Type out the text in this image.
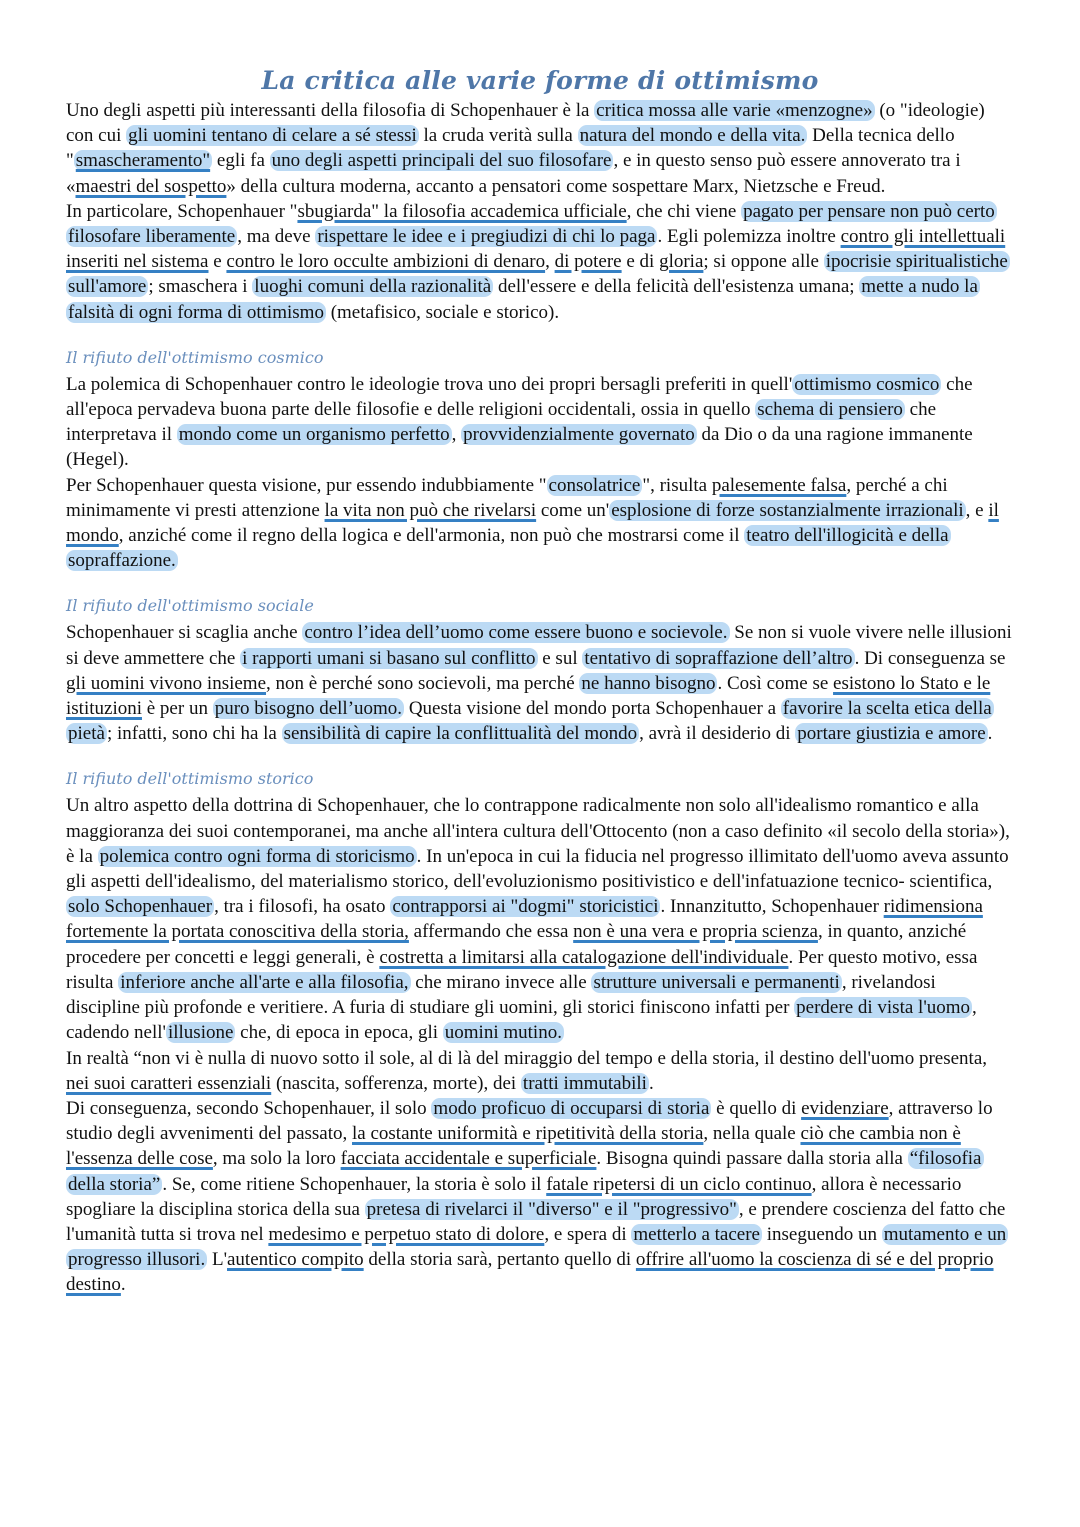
La critica alle varie forme di ottimismo

Uno degli aspetti più interessanti della filosofia di Schopenhauer è la critica mossa alle varie «menzogne» (o "ideologie) con cui gli uomini tentano di celare a sé stessi la cruda verità sulla natura del mondo e della vita. Della tecnica dello " smascheramento" egli fa uno degli aspetti principali del suo filosofare , e in questo senso può essere annoverato tra i «maestri del sospetto» della cultura moderna, accanto a pensatori come sospettare Marx, Nietzsche e Freud.

In particolare, Schopenhauer "sbugiarda" la filosofia accademica ufficiale, che chi viene pagato per pensare non può certo filosofare liberamente , ma deve rispettare le idee e i pregiudizi di chi lo paga . Egli polemizza inoltre contro gli intellettuali inseriti nel sistema e contro le loro occulte ambizioni di denaro, di potere e di gloria; si oppone alle ipocrisie spiritualistiche sull'amore ; smaschera i luoghi comuni della razionalità dell'essere e della felicità dell'esistenza umana; mette a nudo la falsità di ogni forma di ottimismo (metafisico, sociale e storico).

Il rifiuto dell'ottimismo cosmico

La polemica di Schopenhauer contro le ideologie trova uno dei propri bersagli preferiti in quell' ottimismo cosmico che all'epoca pervadeva buona parte delle filosofie e delle religioni occidentali, ossia in quello schema di pensiero che interpretava il mondo come un organismo perfetto , provvidenzialmente governato da Dio o da una ragione immanente (Hegel).

Per Schopenhauer questa visione, pur essendo indubbiamente " consolatrice ", risulta palesemente falsa, perché a chi minimamente vi presti attenzione la vita non può che rivelarsi come un' esplosione di forze sostanzialmente irrazionali , e il mondo, anziché come il regno della logica e dell'armonia, non può che mostrarsi come il teatro dell'illogicità e della sopraffazione.

Il rifiuto dell'ottimismo sociale

Schopenhauer si scaglia anche contro l’idea dell’uomo come essere buono e socievole. Se non si vuole vivere nelle illusioni si deve ammettere che i rapporti umani si basano sul conflitto e sul tentativo di sopraffazione dell’altro . Di conseguenza se gli uomini vivono insieme, non è perché sono socievoli, ma perché ne hanno bisogno . Così come se esistono lo Stato e le istituzioni è per un puro bisogno dell’uomo. Questa visione del mondo porta Schopenhauer a favorire la scelta etica della pietà ; infatti, sono chi ha la sensibilità di capire la conflittualità del mondo , avrà il desiderio di portare giustizia e amore .

Il rifiuto dell'ottimismo storico

Un altro aspetto della dottrina di Schopenhauer, che lo contrappone radicalmente non solo all'idealismo romantico e alla maggioranza dei suoi contemporanei, ma anche all'intera cultura dell'Ottocento (non a caso definito «il secolo della storia»), è la polemica contro ogni forma di storicismo . In un'epoca in cui la fiducia nel progresso illimitato dell'uomo aveva assunto gli aspetti dell'idealismo, del materialismo storico, dell'evoluzionismo positivistico e dell'infatuazione tecnico- scientifica, solo Schopenhauer , tra i filosofi, ha osato contrapporsi ai "dogmi" storicistici . Innanzitutto, Schopenhauer ridimensiona fortemente la portata conoscitiva della storia, affermando che essa non è una vera e propria scienza, in quanto, anziché procedere per concetti e leggi generali, è costretta a limitarsi alla catalogazione dell'individuale. Per questo motivo, essa risulta inferiore anche all'arte e alla filosofia, che mirano invece alle strutture universali e permanenti , rivelandosi discipline più profonde e veritiere. A furia di studiare gli uomini, gli storici finiscono infatti per perdere di vista l'uomo , cadendo nell' illusione che, di epoca in epoca, gli uomini mutino.

In realtà “non vi è nulla di nuovo sotto il sole, al di là del miraggio del tempo e della storia, il destino dell'uomo presenta, nei suoi caratteri essenziali (nascita, sofferenza, morte), dei tratti immutabili .

Di conseguenza, secondo Schopenhauer, il solo modo proficuo di occuparsi di storia è quello di evidenziare, attraverso lo studio degli avvenimenti del passato, la costante uniformità e ripetitività della storia, nella quale ciò che cambia non è l'essenza delle cose, ma solo la loro facciata accidentale e superficiale. Bisogna quindi passare dalla storia alla “filosofia della storia” . Se, come ritiene Schopenhauer, la storia è solo il fatale ripetersi di un ciclo continuo, allora è necessario spogliare la disciplina storica della sua pretesa di rivelarci il "diverso" e il "progressivo" , e prendere coscienza del fatto che l'umanità tutta si trova nel medesimo e perpetuo stato di dolore, e spera di metterlo a tacere inseguendo un mutamento e un progresso illusori. L'autentico compito della storia sarà, pertanto quello di offrire all'uomo la coscienza di sé e del proprio destino.
